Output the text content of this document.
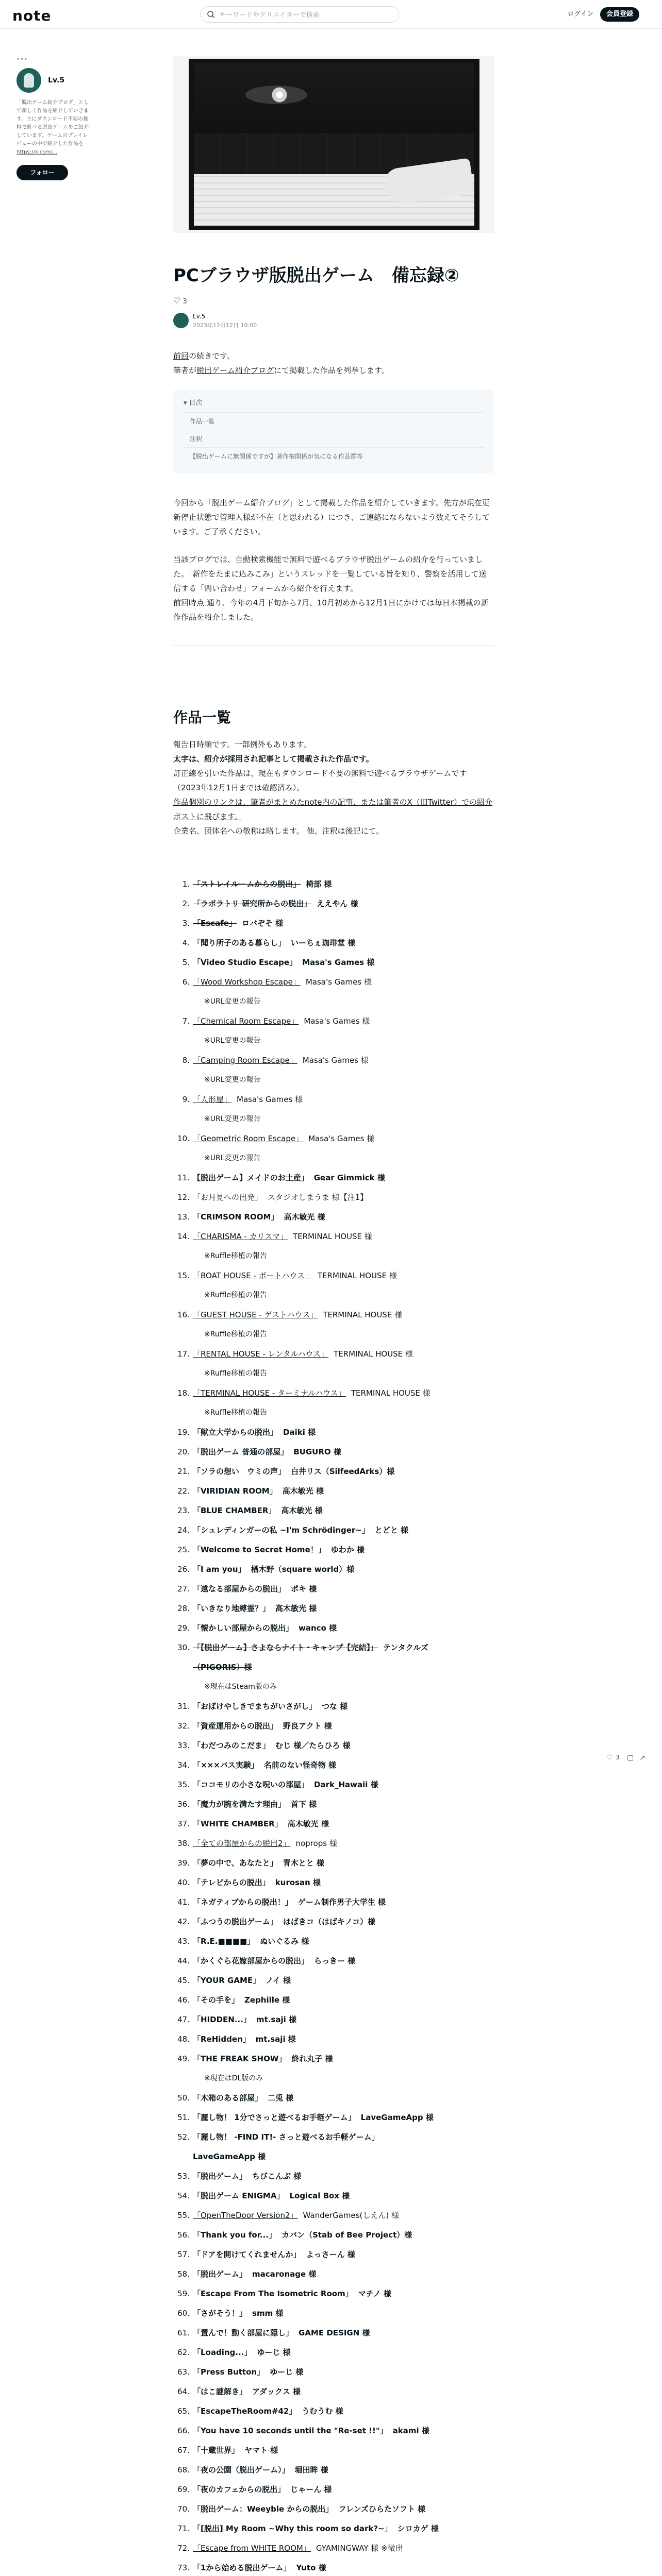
note
キーワードやクリエイターで検索	ログイン	会員登録
•••
Lv.5
「脱出ゲーム紹介ブログ」として新しく作品を紹介していきます。主にダウンロード不要の無料で遊べる脱出ゲームをご紹介しています。ゲームのプレイレビューの中で紹介した作品を https://x.com/...
フォロー
♡ 3 ▢ ↗
PCブラウザ版脱出ゲーム　備忘録②
♡ 3
Lv.5
2023年12月12日 10:00

前回の続きです。

筆者が脱出ゲーム紹介ブログにて掲載した作品を列挙します。

▾ 目次
作品一覧
注釈
【脱出ゲームに無関係ですが】著作権関係が気になる作品群等

今回から「脱出ゲーム紹介ブログ」として掲載した作品を紹介していきます。先方が現在更新停止状態で管理人様が不在（と思われる）につき、ご連絡にならないよう数えてそうしています。ご了承ください。

当該ブログでは、自動検索機能で無料で遊べるブラウザ脱出ゲームの紹介を行っていました。「新作をたまに込みこみ」というスレッドを一覧している旨を知り、警察を活用して送信する「問い合わせ」フォームから紹介を行えます。

前回時点 通り、今年の4月下旬から7月、10月初めから12月1日にかけては毎日本掲載の新作作品を紹介しました。

作品一覧

報告日時順です。一部例外もあります。

太字は、紹介が採用され記事として掲載された作品です。

訂正線を引いた作品は、現在もダウンロード不要の無料で遊べるブラウザゲームです（2023年12月1日までは確認済み）。

作品個別のリンクは、筆者がまとめたnote内の記事、または筆者のX（旧Twitter）での紹介ポストに飛びます。

企業名、団体名への敬称は略します。 他、注釈は後記にて。

1. 「ストレイルームからの脱出」 椅部 様
2. 「ラボラトリ 研究所からの脱出」 ええやん 様
3. 「Escafe」 ロバぞそ 様
4. 「聞り所子のある暮らし」 いーちぇ珈琲堂 様
5. 「Video Studio Escape」 Masa's Games 様
6. 「Wood Workshop Escape」 Masa's Games 様
※URL変更の報告
7. 「Chemical Room Escape」 Masa's Games 様
※URL変更の報告
8. 「Camping Room Escape」 Masa's Games 様
※URL変更の報告
9. 「人形屋」 Masa's Games 様
※URL変更の報告
10. 「Geometric Room Escape」 Masa's Games 様
※URL変更の報告
11. 【脱出ゲーム】メイドのお土産」 Gear Gimmick 様
12. 「お月見への出発」 スタジオしまうま 様【注1】
13. 「CRIMSON ROOM」 高木敏光 様
14. 「CHARISMA - カリスマ」 TERMINAL HOUSE 様
※Ruffle移植の報告
15. 「BOAT HOUSE - ボートハウス」 TERMINAL HOUSE 様
※Ruffle移植の報告
16. 「GUEST HOUSE - ゲストハウス」 TERMINAL HOUSE 様
※Ruffle移植の報告
17. 「RENTAL HOUSE - レンタルハウス」 TERMINAL HOUSE 様
※Ruffle移植の報告
18. 「TERMINAL HOUSE - ターミナルハウス」 TERMINAL HOUSE 様
※Ruffle移植の報告
19. 「獣立大学からの脱出」 Daiki 様
20. 「脱出ゲーム 普通の部屋」 BUGURO 様
21. 「ソラの想い　ウミの声」 白井リス（SilfeedArks）様
22. 「VIRIDIAN ROOM」 高木敏光 様
23. 「BLUE CHAMBER」 高木敏光 様
24. 「シュレディンガーの私 ~I'm Schrödinger~」 とどと 様
25. 「Welcome to Secret Home！」 ゆわか 様
26. 「I am you」 楢木野（square world）様
27. 「遠なる部屋からの脱出」 ポキ 様
28. 「いきなり地縛霊？」 高木敏光 様
29. 「懐かしい部屋からの脱出」 wanco 様
30. 「【脱出ゲーム】さよならナイト・キャンプ【完結】」 テンタクルズ
（PIGORIS）様
※現在はSteam版のみ
31. 「おばけやしきでまちがいさがし」 つな 様
32. 「資産運用からの脱出」 野良アクト 様
33. 「わだつみのこだま」 むじ 様／たらひろ 様
34. 「×××バス実験」 名前のない怪奇物 様
35. 「ココモリの小さな呪いの部屋」 Dark_Hawaii 様
36. 「魔力が腕を満たす理由」 首下 様
37. 「WHITE CHAMBER」 高木敏光 様
38. 「全ての部屋からの脱出2」 noprops 様
39. 「夢の中で、あなたと」 青木とと 様
40. 「テレビからの脱出」 kurosan 様
41. 「ネガティブからの脱出！」 ゲーム制作男子大学生 様
42. 「ふつうの脱出ゲーム」 はばきコ（はばキノコ）様
43. 「R.E.■■■■」 ぬいぐるみ 様
44. 「かくぐら花嫁部屋からの脱出」 らっきー 様
45. 「YOUR GAME」 ノイ 様
46. 「その手を」 Zephille 様
47. 「HIDDEN...」 mt.saji 様
48. 「ReHidden」 mt.saji 様
49. 「THE FREAK SHOW」 終れ丸子 様
※現在はDL版のみ
50. 「木箱のある部屋」 二兎 様
51. 「麗し物！ 1分でさっと遊べるお手軽ゲーム」 LaveGameApp 様
52. 「麗し物！ -FIND IT!- さっと遊べるお手軽ゲーム」
LaveGameApp 様
53. 「脱出ゲーム」 ちびこんぶ 様
54. 「脱出ゲーム ENIGMA」 Logical Box 様
55. 「OpenTheDoor Version2」 WanderGames(しえん) 様
56. 「Thank you for...」 カバン（Stab of Bee Project）様
57. 「ドアを開けてくれませんか」 よっさーん 様
58. 「脱出ゲーム」 macaronage 様
59. 「Escape From The Isometric Room」 マチノ 様
60. 「さがそう！」 smm 様
61. 「置んで！動く部屋に隠し」 GAME DESIGN 様
62. 「Loading...」 ゆーじ 様
63. 「Press Button」 ゆーじ 様
64. 「はこ謎解き」 アダックス 様
65. 「EscapeTheRoom#42」 うむうむ 様
66. 「You have 10 seconds until the "Re-set !!"」 akami 様
67. 「十蔵世界」 ヤマト 様
68. 「夜の公園（脱出ゲーム）」 堀田眸 様
69. 「夜のカフェからの脱出」 じゃーん 様
70. 「脱出ゲーム：Weeyble からの脱出」 フレンズひらたソフト 様
71. 「[脱出] My Room ~Why this room so dark?~」 シロカゲ 様
72. 「Escape from WHITE ROOM」 GYAMINGWAY 様 ※微出
73. 「1から始める脱出ゲーム」 Yuto 様
